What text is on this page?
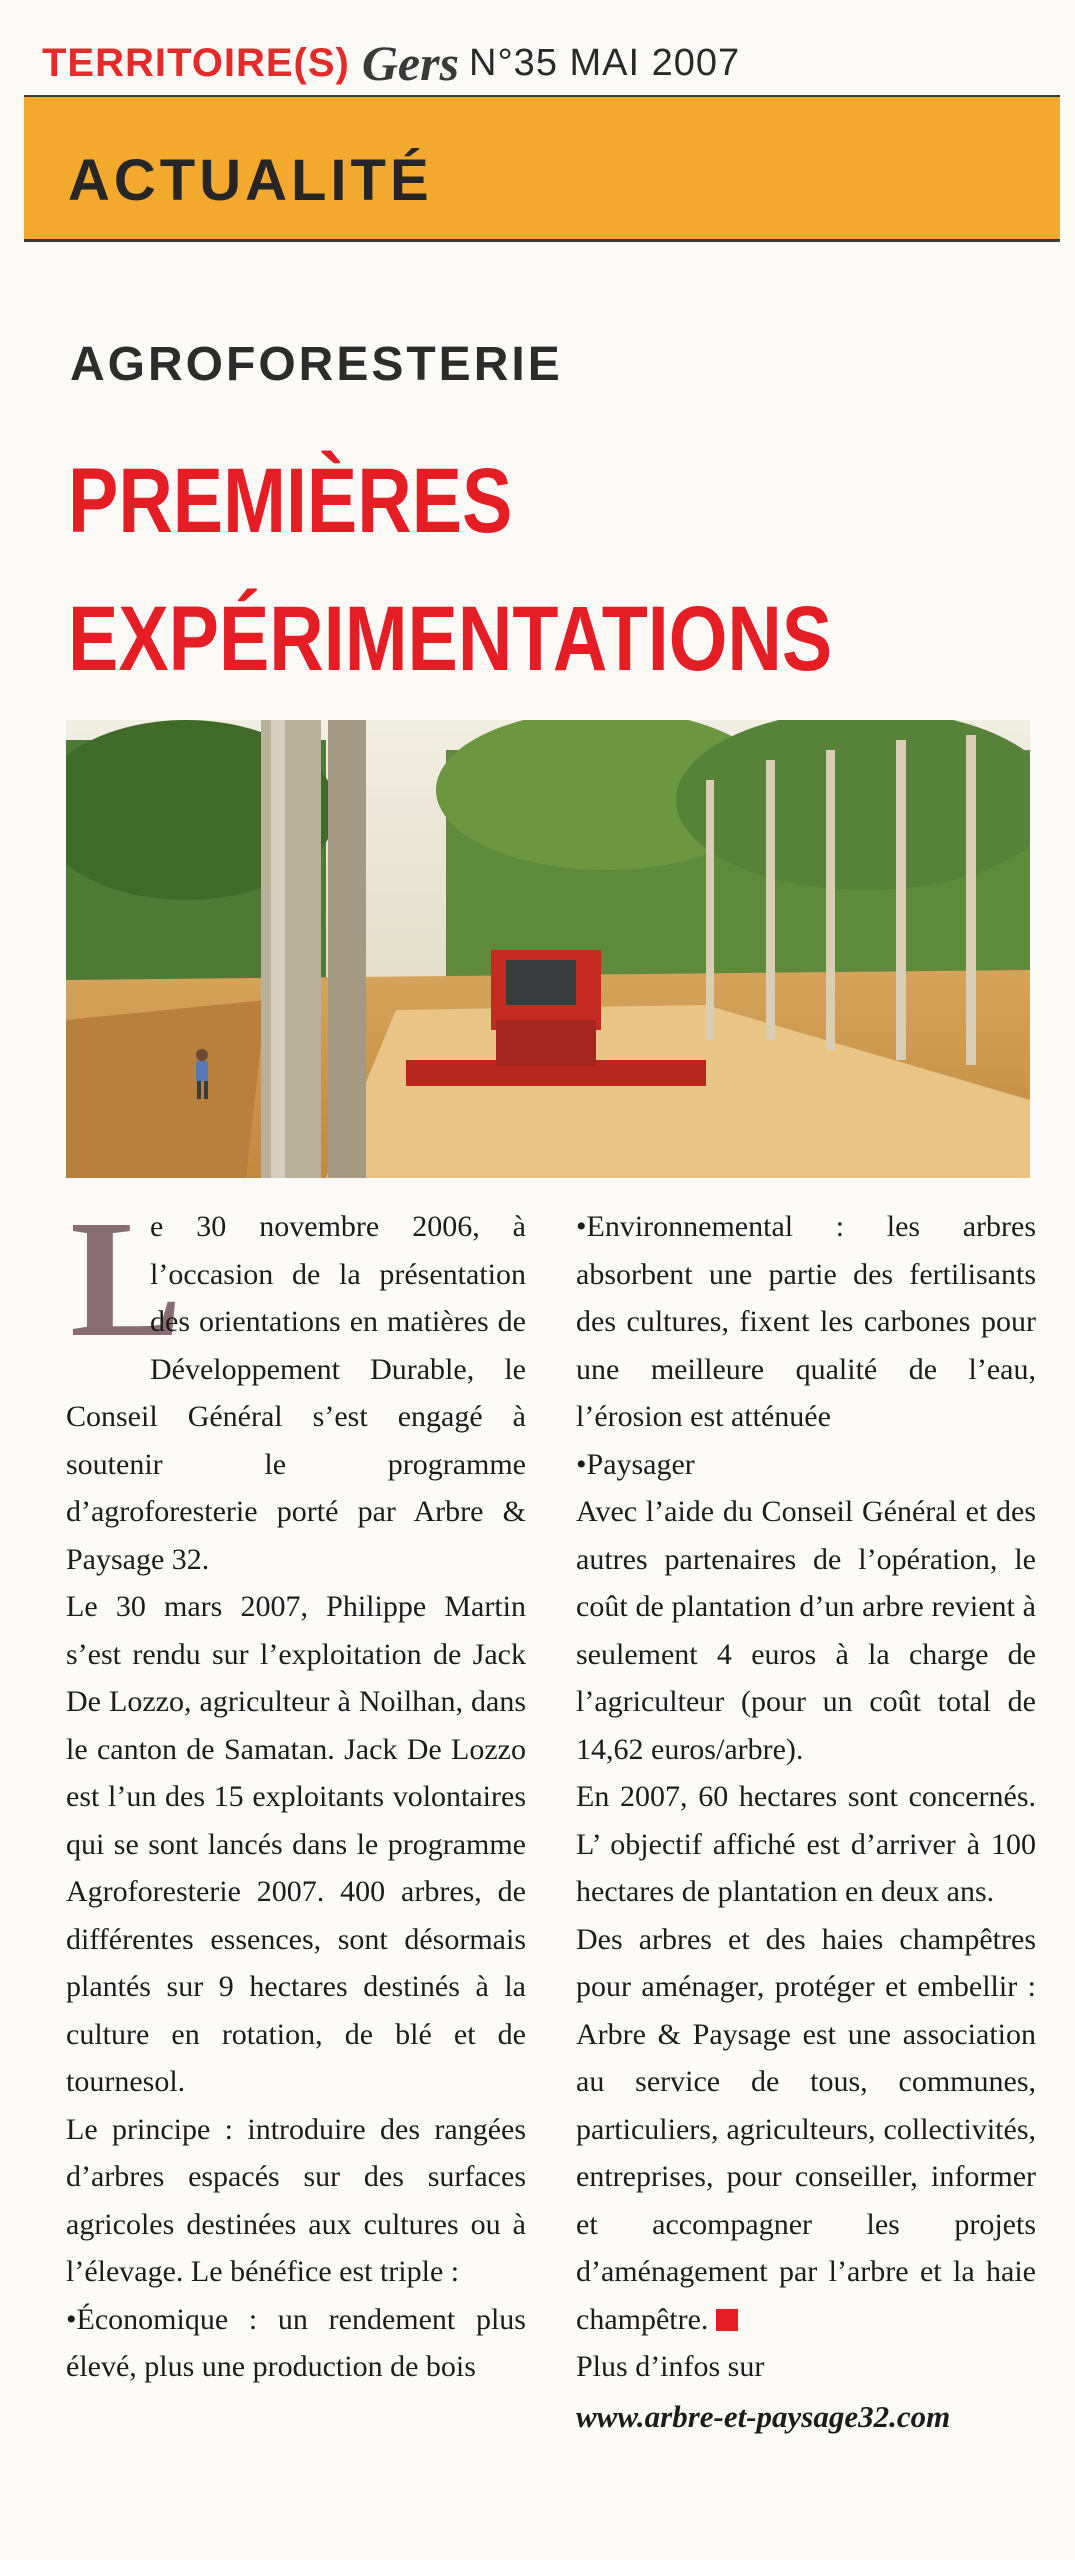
TERRITOIRE(S) Gers N°35 MAI 2007
ACTUALITÉ
AGROFORESTERIE
PREMIÈRES
EXPÉRIMENTATIONS

L
e 30 novembre 2006, à l’occasion de la présentation des orientations en matières de Développement Durable, le Conseil Général s’est engagé à soutenir le programme d’agroforesterie porté par Arbre & Paysage 32.

Le 30 mars 2007, Philippe Martin s’est rendu sur l’exploitation de Jack De Lozzo, agriculteur à Noilhan, dans le canton de Samatan. Jack De Lozzo est l’un des 15 exploitants volontaires qui se sont lancés dans le programme Agroforesterie 2007. 400 arbres, de différentes essences, sont désormais plantés sur 9 hectares destinés à la culture en rotation, de blé et de tournesol.

Le principe : introduire des rangées d’arbres espacés sur des surfaces agricoles destinées aux cultures ou à l’élevage. Le bénéfice est triple :

•Économique : un rendement plus élevé, plus une production de bois

•Environnemental : les arbres absorbent une partie des fertilisants des cultures, fixent les carbones pour une meilleure qualité de l’eau, l’érosion est atténuée

•Paysager

Avec l’aide du Conseil Général et des autres partenaires de l’opération, le coût de plantation d’un arbre revient à seulement 4 euros à la charge de l’agriculteur (pour un coût total de 14,62 euros/arbre).

En 2007, 60 hectares sont concernés. L’ objectif affiché est d’arriver à 100 hectares de plantation en deux ans.

Des arbres et des haies champêtres pour aménager, protéger et embellir : Arbre & Paysage est une association au service de tous, communes, particuliers, agriculteurs, collectivités, entreprises, pour conseiller, informer et accompagner les projets d’aménagement par l’arbre et la haie champêtre.

Plus d’infos sur

www.arbre-et-paysage32.com
